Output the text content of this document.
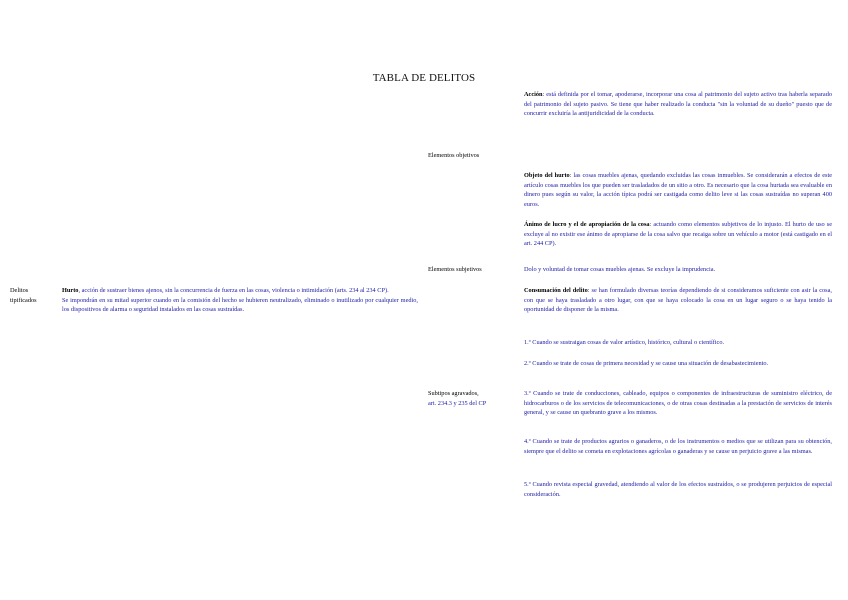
TABLA DE DELITOS
Acción: está definida por el tomar, apoderarse, incorporar una cosa al patrimonio del sujeto activo tras haberla separado del patrimonio del sujeto pasivo. Se tiene que haber realizado la conducta "sin la voluntad de su dueño" puesto que de concurrir excluiría la antijuridicidad de la conducta.
Elementos objetivos
Objeto del hurto: las cosas muebles ajenas, quedando excluidas las cosas inmuebles. Se considerarán a efectos de este artículo cosas muebles los que pueden ser trasladados de un sitio a otro. Es necesario que la cosa hurtada sea evaluable en dinero pues según su valor, la acción típica podrá ser castigada como delito leve si las cosas sustraídas no superan 400 euros.
Ánimo de lucro y el de apropiación de la cosa: actuando como elementos subjetivos de lo injusto. El hurto de uso se excluye al no existir ese ánimo de apropiarse de la cosa salvo que recaiga sobre un vehículo a motor (está castigado en el art. 244 CP).
Elementos subjetivos	Dolo y voluntad de tomar cosas muebles ajenas. Se excluye la imprudencia.
Delitos
tipificados
Hurto, acción de sustraer bienes ajenos, sin la concurrencia de fuerza en las cosas, violencia o intimidación (arts. 234 al 234 CP).
Se impondrán en su mitad superior cuando en la comisión del hecho se hubieren neutralizado, eliminado o inutilizado por cualquier medio, los dispositivos de alarma o seguridad instalados en las cosas sustraídas.
Consumación del delito: se han formulado diversas teorías dependiendo de si consideramos suficiente con asir la cosa, con que se haya trasladado a otro lugar, con que se haya colocado la cosa en un lugar seguro o se haya tenido la oportunidad de disponer de la misma.
1.º Cuando se sustraigan cosas de valor artístico, histórico, cultural o científico.
2.º Cuando se trate de cosas de primera necesidad y se cause una situación de desabastecimiento.
Subtipos agravados,
art. 234.3 y 235 del CP
3.º Cuando se trate de conducciones, cableado, equipos o componentes de infraestructuras de suministro eléctrico, de hidrocarburos o de los servicios de telecomunicaciones, o de otras cosas destinadas a la prestación de servicios de interés general, y se cause un quebranto grave a los mismos.
4.º Cuando se trate de productos agrarios o ganaderos, o de los instrumentos o medios que se utilizan para su obtención, siempre que el delito se cometa en explotaciones agrícolas o ganaderas y se cause un perjuicio grave a las mismas.
5.º Cuando revista especial gravedad, atendiendo al valor de los efectos sustraídos, o se produjeren perjuicios de especial consideración.
